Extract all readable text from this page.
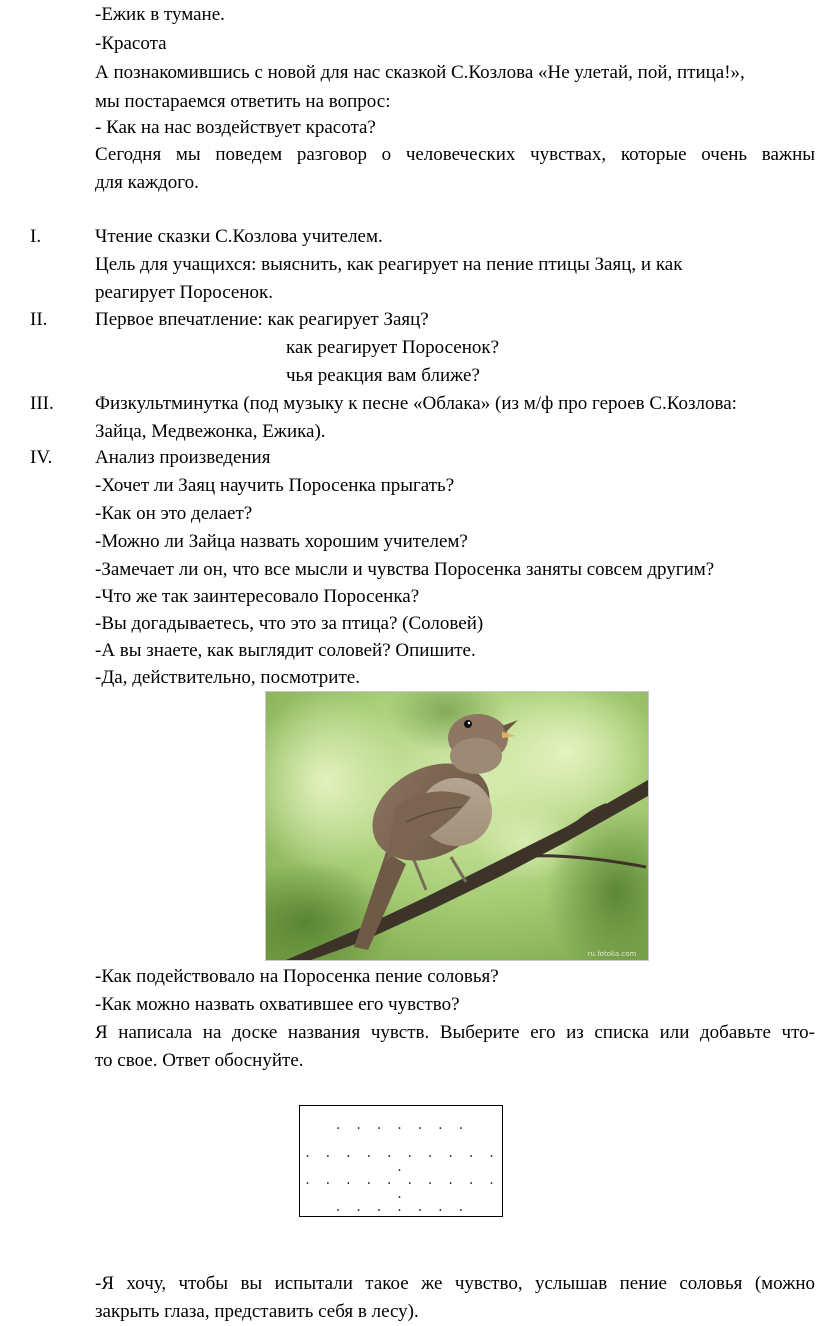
-Ежик в тумане.
-Красота
А познакомившись с новой для нас сказкой С.Козлова «Не улетай, пой, птица!»,
мы постараемся ответить на вопрос:
- Как на нас воздействует красота?
Сегодня мы поведем разговор о человеческих чувствах, которые очень важны
для каждого.
I.	Чтение сказки С.Козлова учителем.
Цель для учащихся: выяснить, как реагирует на пение птицы Заяц, и как
реагирует Поросенок.
II.	Первое впечатление: как реагирует Заяц?
как реагирует Поросенок?
чья реакция вам ближе?
III. Физкультминутка (под музыку к песне «Облака» (из м/ф про героев С.Козлова:
Зайца, Медвежонка, Ежика).
IV. Анализ произведения
-Хочет ли Заяц научить Поросенка прыгать?
-Как он это делает?
-Можно ли Зайца назвать хорошим учителем?
-Замечает ли он, что все мысли и чувства Поросенка заняты совсем другим?
-Что же так заинтересовало Поросенка?
-Вы догадываетесь, что это за птица? (Соловей)
-А вы знаете, как выглядит соловей? Опишите.
-Да, действительно, посмотрите.
ru.fotolia.com
-Как подействовало на Поросенка пение соловья?
-Как можно назвать охватившее его чувство?
Я написала на доске названия чувств. Выберите его из списка или добавьте что-
то свое. Ответ обоснуйте.
. . . . . . .
. . . . . . . . . . .
. . . . . . . . . . .
. . . . . . .
-Я хочу, чтобы вы испытали такое же чувство, услышав пение соловья (можно
закрыть глаза, представить себя в лесу).
